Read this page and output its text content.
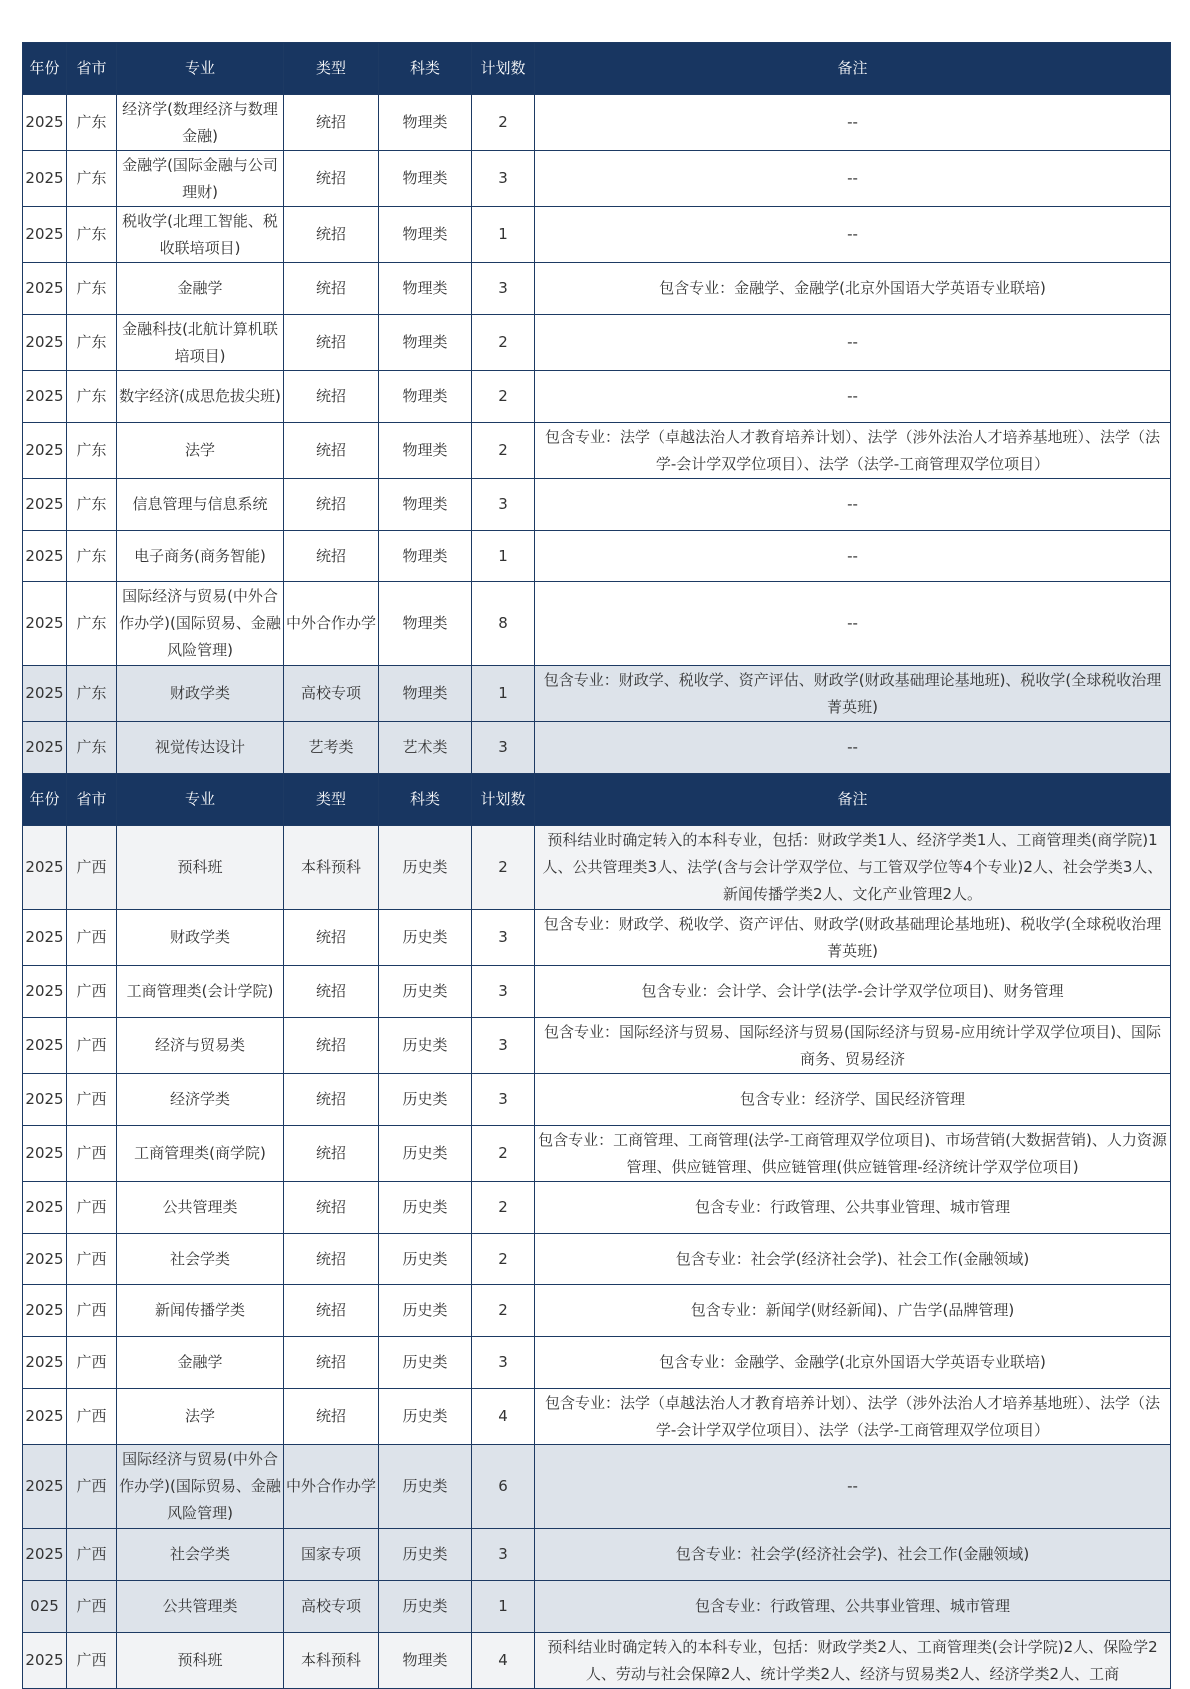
年份	省市	专业	类型	科类	计划数	备注
2025	广东	经济学(数理经济与数理金融)	统招	物理类	2	--
2025	广东	金融学(国际金融与公司理财)	统招	物理类	3	--
2025	广东	税收学(北理工智能、税收联培项目)	统招	物理类	1	--
2025	广东	金融学	统招	物理类	3	包含专业：金融学、金融学(北京外国语大学英语专业联培)
2025	广东	金融科技(北航计算机联培项目)	统招	物理类	2	--
2025	广东	数字经济(成思危拔尖班)	统招	物理类	2	--
2025	广东	法学	统招	物理类	2	包含专业：法学（卓越法治人才教育培养计划）、法学（涉外法治人才培养基地班）、法学（法学-会计学双学位项目）、法学（法学-工商管理双学位项目）
2025	广东	信息管理与信息系统	统招	物理类	3	--
2025	广东	电子商务(商务智能)	统招	物理类	1	--
2025	广东	国际经济与贸易(中外合作办学)(国际贸易、金融风险管理)	中外合作办学	物理类	8	--
2025	广东	财政学类	高校专项	物理类	1	包含专业：财政学、税收学、资产评估、财政学(财政基础理论基地班)、税收学(全球税收治理菁英班)
2025	广东	视觉传达设计	艺考类	艺术类	3	--
年份	省市	专业	类型	科类	计划数	备注
2025	广西	预科班	本科预科	历史类	2	预科结业时确定转入的本科专业，包括：财政学类1人、经济学类1人、工商管理类(商学院)1人、公共管理类3人、法学(含与会计学双学位、与工管双学位等4个专业)2人、社会学类3人、新闻传播学类2人、文化产业管理2人。
2025	广西	财政学类	统招	历史类	3	包含专业：财政学、税收学、资产评估、财政学(财政基础理论基地班)、税收学(全球税收治理菁英班)
2025	广西	工商管理类(会计学院)	统招	历史类	3	包含专业：会计学、会计学(法学-会计学双学位项目)、财务管理
2025	广西	经济与贸易类	统招	历史类	3	包含专业：国际经济与贸易、国际经济与贸易(国际经济与贸易-应用统计学双学位项目)、国际商务、贸易经济
2025	广西	经济学类	统招	历史类	3	包含专业：经济学、国民经济管理
2025	广西	工商管理类(商学院)	统招	历史类	2	包含专业：工商管理、工商管理(法学-工商管理双学位项目)、市场营销(大数据营销)、人力资源管理、供应链管理、供应链管理(供应链管理-经济统计学双学位项目)
2025	广西	公共管理类	统招	历史类	2	包含专业：行政管理、公共事业管理、城市管理
2025	广西	社会学类	统招	历史类	2	包含专业：社会学(经济社会学)、社会工作(金融领域)
2025	广西	新闻传播学类	统招	历史类	2	包含专业：新闻学(财经新闻)、广告学(品牌管理)
2025	广西	金融学	统招	历史类	3	包含专业：金融学、金融学(北京外国语大学英语专业联培)
2025	广西	法学	统招	历史类	4	包含专业：法学（卓越法治人才教育培养计划）、法学（涉外法治人才培养基地班）、法学（法学-会计学双学位项目）、法学（法学-工商管理双学位项目）
2025	广西	国际经济与贸易(中外合作办学)(国际贸易、金融风险管理)	中外合作办学	历史类	6	--
2025	广西	社会学类	国家专项	历史类	3	包含专业：社会学(经济社会学)、社会工作(金融领域)
025	广西	公共管理类	高校专项	历史类	1	包含专业：行政管理、公共事业管理、城市管理
2025	广西	预科班	本科预科	物理类	4	预科结业时确定转入的本科专业，包括：财政学类2人、工商管理类(会计学院)2人、保险学2人、劳动与社会保障2人、统计学类2人、经济与贸易类2人、经济学类2人、工商
